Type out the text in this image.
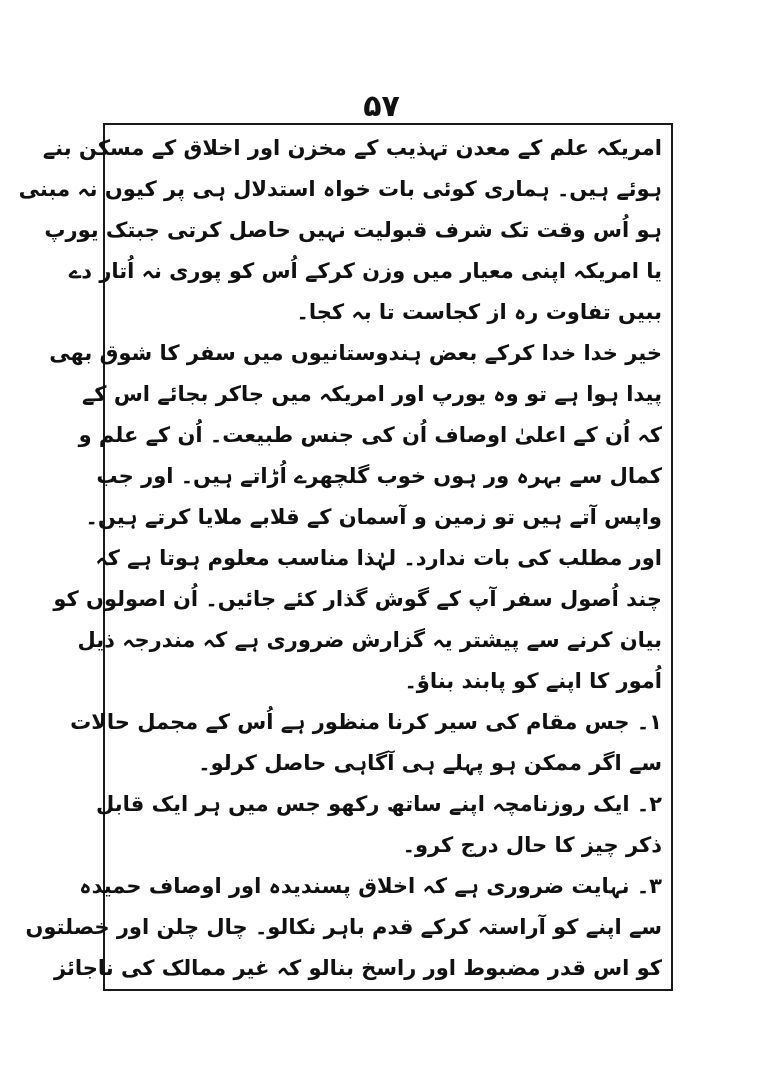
۵۷
امریکہ علم کے معدن تہذیب کے مخزن اور اخلاق کے مسکن بنے
ہوئے ہیں۔ ہماری کوئی بات خواہ استدلال ہی پر کیوں نہ مبنی
ہو اُس وقت تک شرف قبولیت نہیں حاصل کرتی جبتک یورپ
یا امریکہ اپنی معیار میں وزن کرکے اُس کو پوری نہ اُتار دے
ببیں تفاوت رہ از کجاست تا بہ کجا۔
خیر خدا خدا کرکے بعض ہندوستانیوں میں سفر کا شوق بھی
پیدا ہوا ہے تو وہ یورپ اور امریکہ میں جاکر بجائے اس کے
کہ اُن کے اعلیٰ اوصاف اُن کی جنس طبیعت۔ اُن کے علم و
کمال سے بہرہ ور ہوں خوب گلچھرے اُڑاتے ہیں۔ اور جب
واپس آتے ہیں تو زمین و آسمان کے قلابے ملایا کرتے ہیں۔
اور مطلب کی بات ندارد۔ لہٰذا مناسب معلوم ہوتا ہے کہ
چند اُصول سفر آپ کے گوش گذار کئے جائیں۔ اُن اصولوں کو
بیان کرنے سے پیشتر یہ گزارش ضروری ہے کہ مندرجہ ذیل
اُمور کا اپنے کو پابند بناؤ۔
۱۔ جس مقام کی سیر کرنا منظور ہے اُس کے مجمل حالات
سے اگر ممکن ہو پہلے ہی آگاہی حاصل کرلو۔
۲۔ ایک روزنامچہ اپنے ساتھ رکھو جس میں ہر ایک قابل
ذکر چیز کا حال درج کرو۔
۳۔ نہایت ضروری ہے کہ اخلاق پسندیدہ اور اوصاف حمیدہ
سے اپنے کو آراستہ کرکے قدم باہر نکالو۔ چال چلن اور خصلتوں
کو اس قدر مضبوط اور راسخ بنالو کہ غیر ممالک کی ناجائز
